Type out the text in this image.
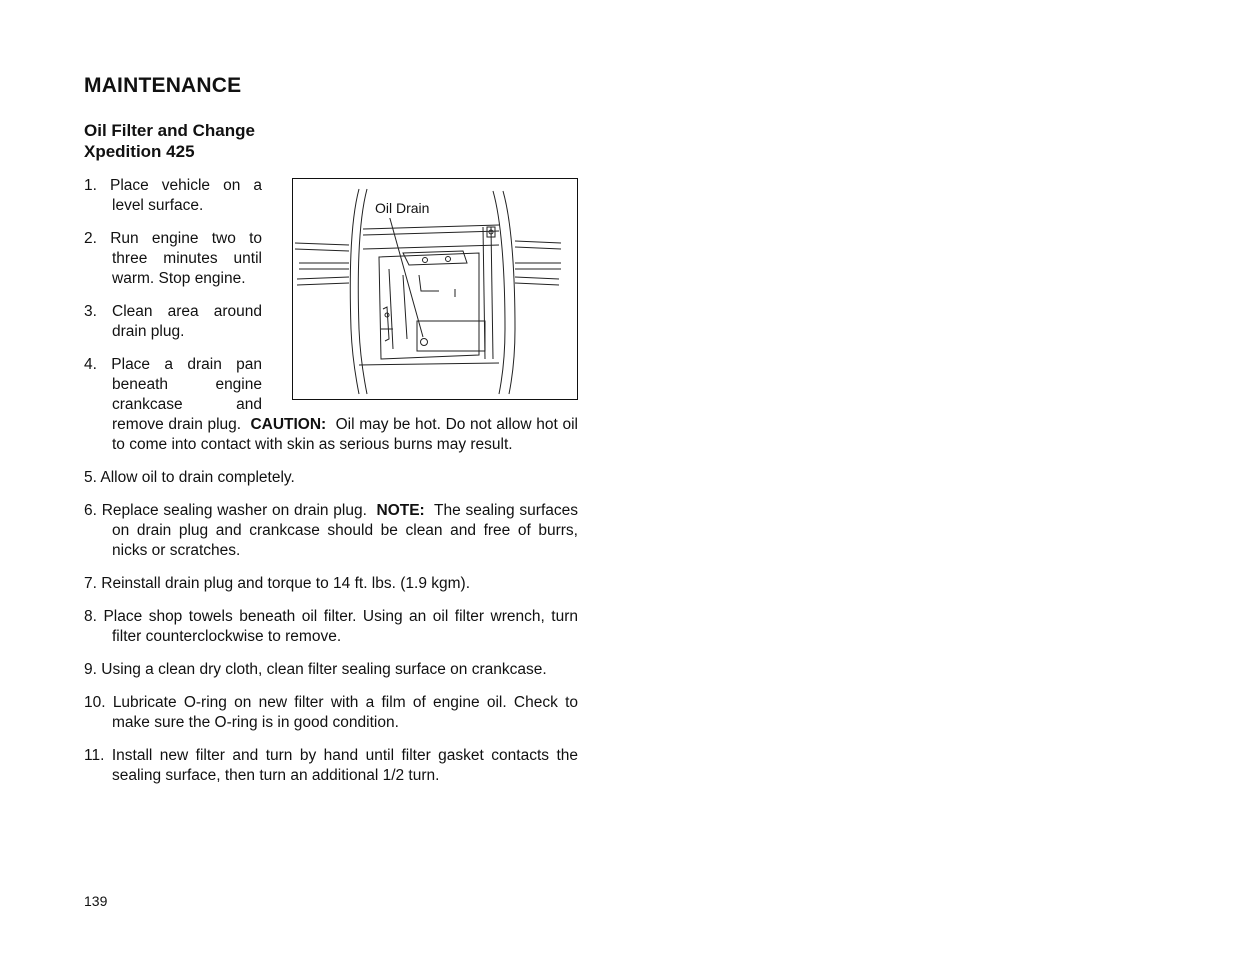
MAINTENANCE
Oil Filter and Change
Xpedition 425
Oil Drain
1. Place vehicle on a level surface.
2. Run engine two to three minutes until warm. Stop engine.
3. Clean area around drain plug.
4. Place a drain pan beneath engine crankcase and remove drain plug. CAUTION: Oil may be hot. Do not allow hot oil to come into contact with skin as serious burns may result.
5. Allow oil to drain completely.
6. Replace sealing washer on drain plug. NOTE: The sealing surfaces on drain plug and crankcase should be clean and free of burrs, nicks or scratches.
7. Reinstall drain plug and torque to 14 ft. lbs. (1.9 kgm).
8. Place shop towels beneath oil filter. Using an oil filter wrench, turn filter counterclockwise to remove.
9. Using a clean dry cloth, clean filter sealing surface on crankcase.
10. Lubricate O-ring on new filter with a film of engine oil. Check to make sure the O-ring is in good condition.
11. Install new filter and turn by hand until filter gasket contacts the sealing surface, then turn an additional 1/2 turn.
139
